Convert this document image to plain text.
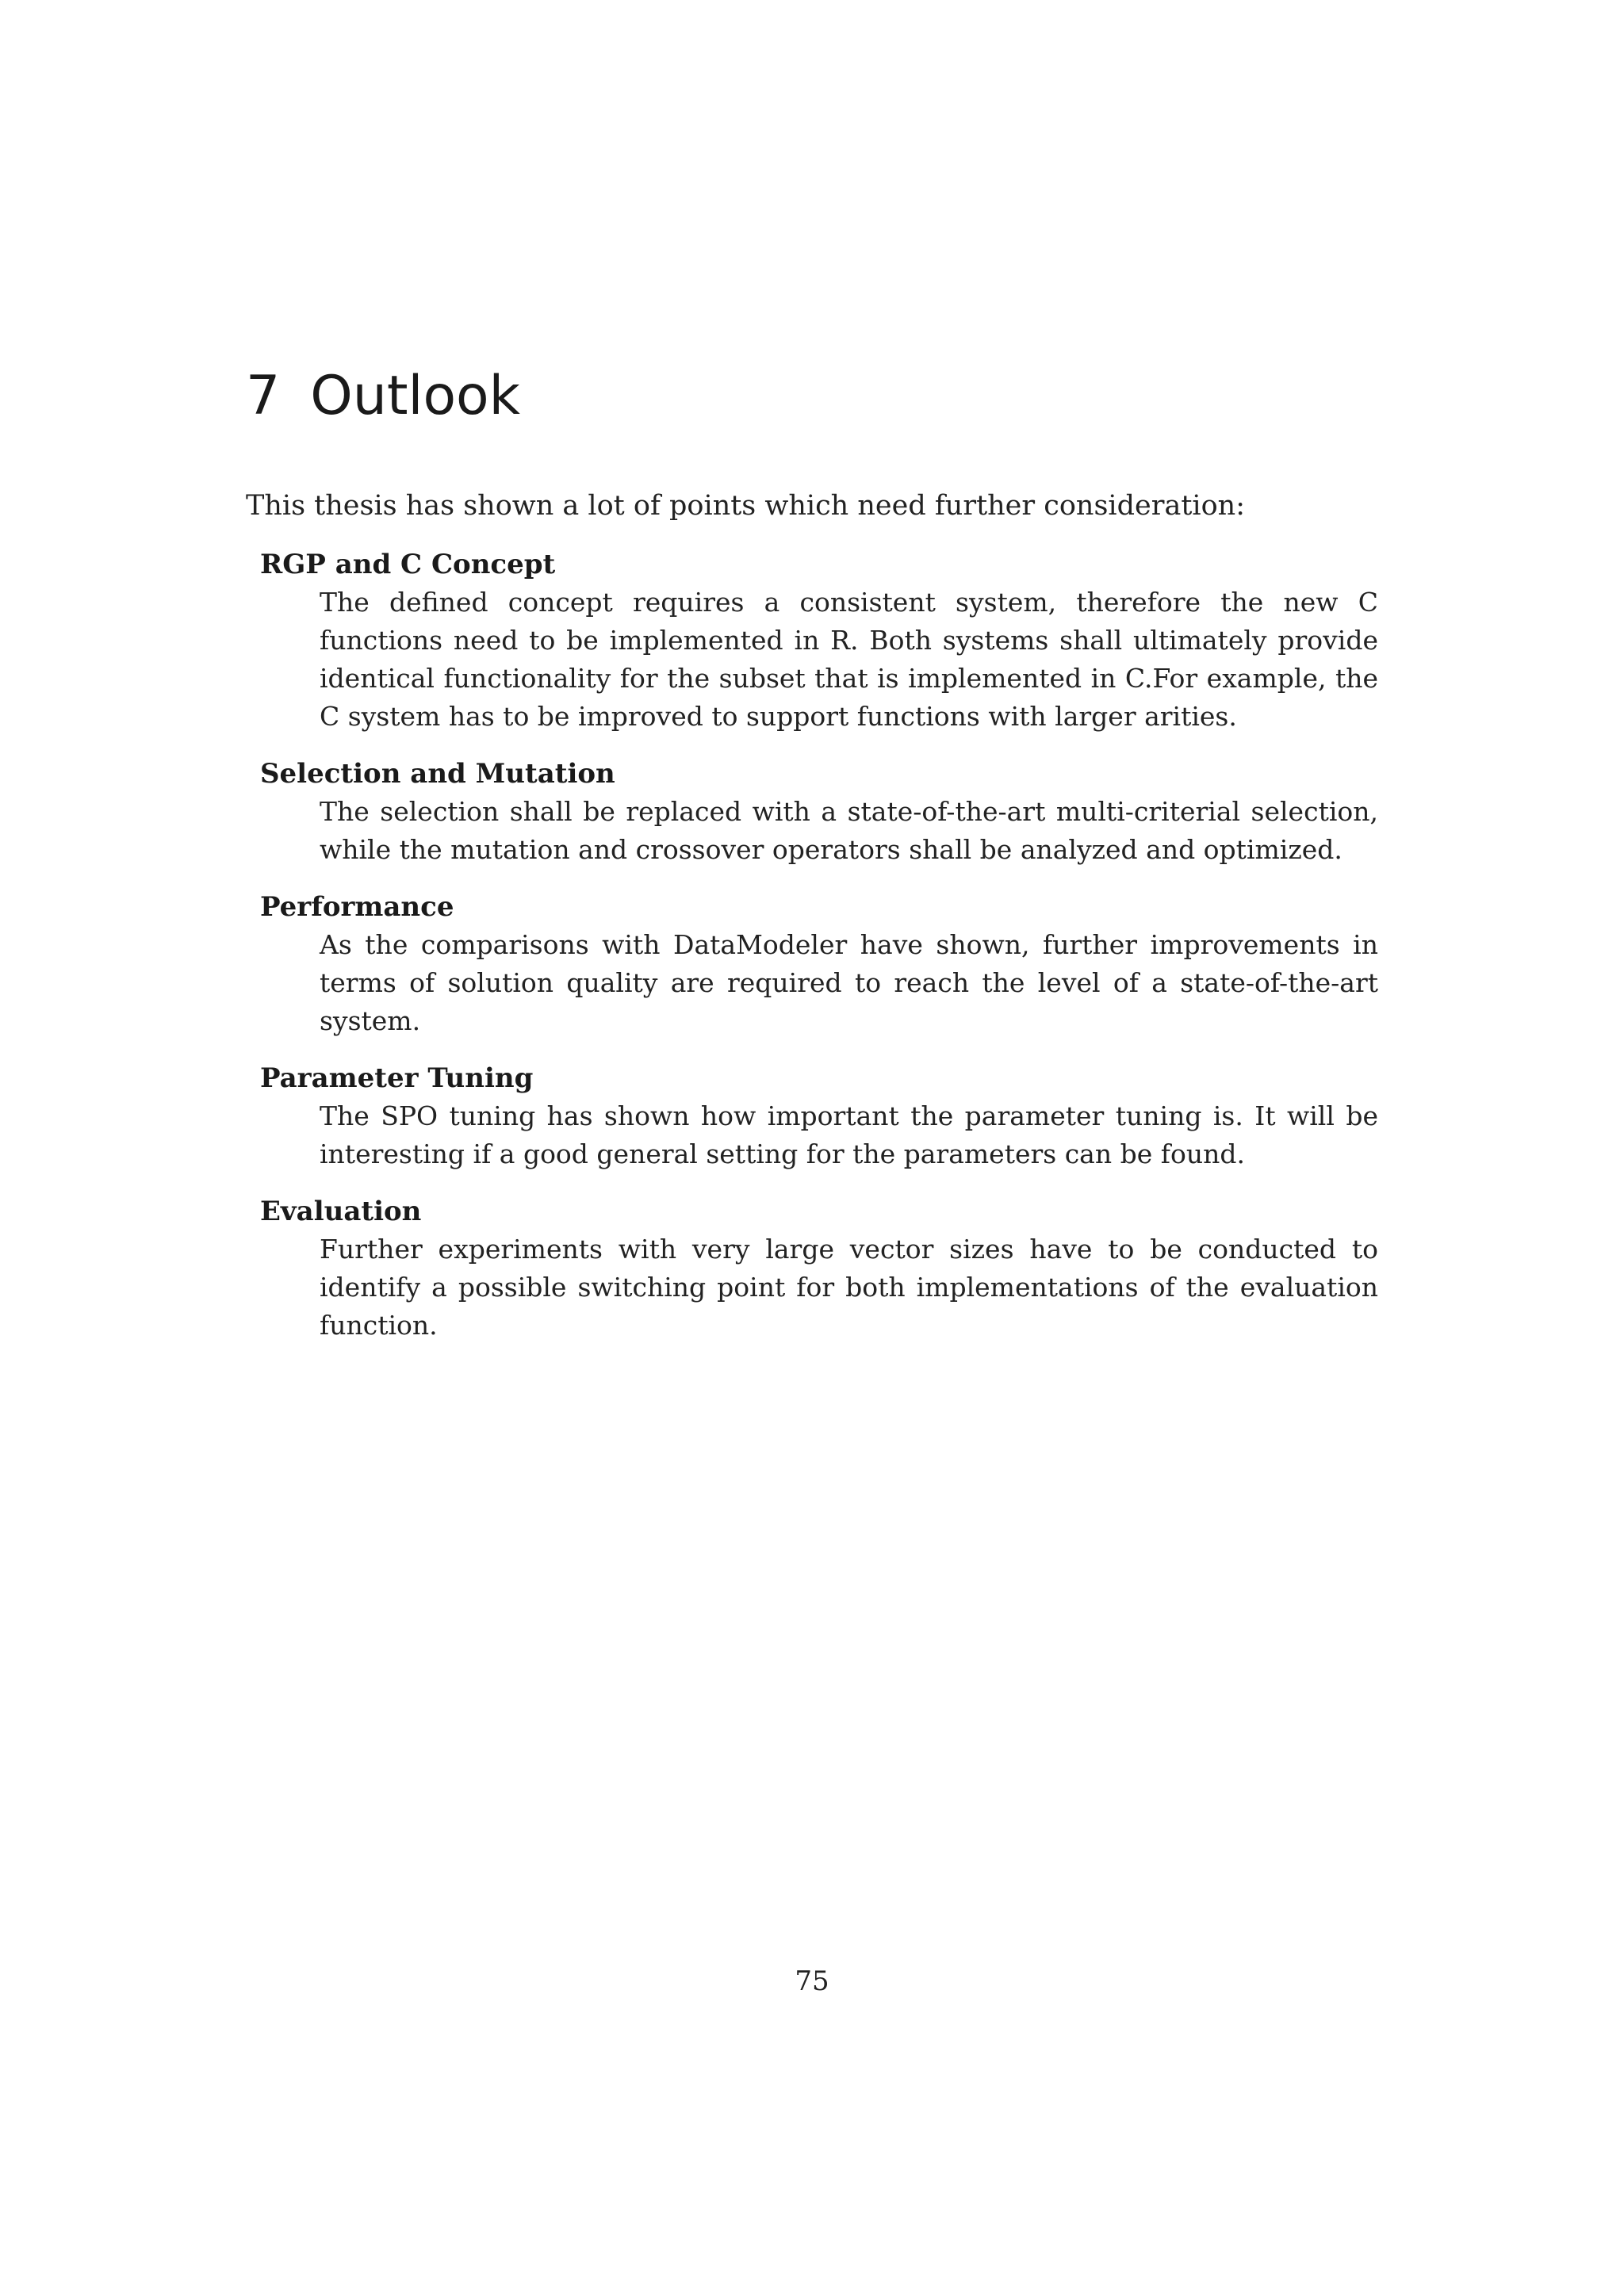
7 Outlook

This thesis has shown a lot of points which need further consideration:

RGP and C Concept
The defined concept requires a consistent system, therefore the new C functions need to be implemented in R. Both systems shall ultimately provide identical functionality for the subset that is implemented in C.For example, the C system has to be improved to support functions with larger arities.
Selection and Mutation
The selection shall be replaced with a state-of-the-art multi-criterial selection, while the mutation and crossover operators shall be analyzed and optimized.
Performance
As the comparisons with DataModeler have shown, further improvements in terms of solution quality are required to reach the level of a state-of-the-art system.
Parameter Tuning
The SPO tuning has shown how important the parameter tuning is. It will be interesting if a good general setting for the parameters can be found.
Evaluation
Further experiments with very large vector sizes have to be conducted to identify a possible switching point for both implementations of the evaluation function.
75
